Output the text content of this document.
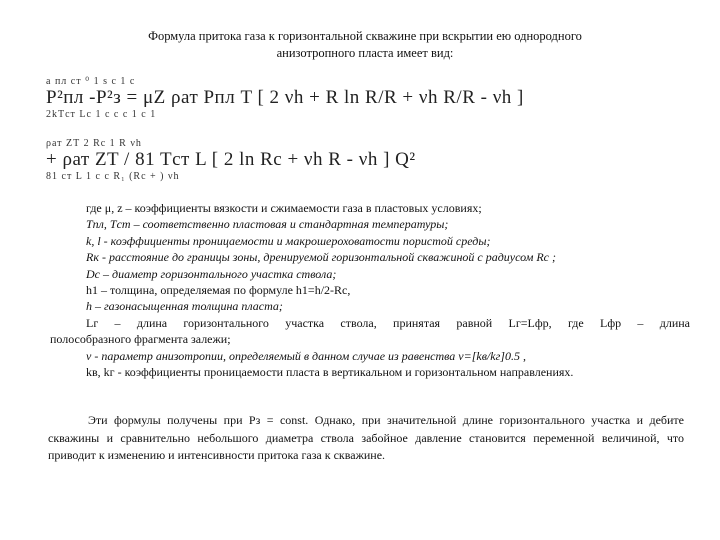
Формула притока газа к горизонтальной скважине при вскрытии ею однородного
анизотропного пласта имеет вид:
a пл ст ⁰ 1 s c 1 c
P²пл -P²з = μZ ρат Pпл T [ 2 νh + R ln R/R + νh R/R - νh ]
2kTст Lc 1 c c c 1 c 1
ρат ZT 2 Rc 1 R νh
+ ρат ZT / 81 Tст L [ 2 ln Rc + νh R - νh ] Q²
81 ст L 1 c c R₁ (Rc + ) νh
где μ, z – коэффициенты вязкости и сжимаемости газа в пластовых условиях;
Tпл, Tст – соответственно пластовая и стандартная температуры;
k, l - коэффициенты проницаемости и макрошероховатости пористой среды;
Rк - расстояние до границы зоны, дренируемой горизонтальной скважиной с радиусом Rc ;
Dc – диаметр горизонтального участка ствола;
h1 – толщина, определяемая по формуле h1=h/2-Rc,
h – газонасыщенная толщина пласта;
Lг – длина горизонтального участка ствола, принятая равной Lг=Lфр, где Lфр – длина
полособразного фрагмента залежи;
ν - параметр анизотропии, определяемый в данном случае из равенства ν=[kв/kг]0.5 ,
kв, kг - коэффициенты проницаемости пласта в вертикальном и горизонтальном направлениях.
Эти формулы получены при Pз = const. Однако, при значительной длине горизонтального участка и дебите скважины и сравнительно небольшого диаметра ствола забойное давление становится переменной величиной, что приводит к изменению и интенсивности притока газа к скважине.
